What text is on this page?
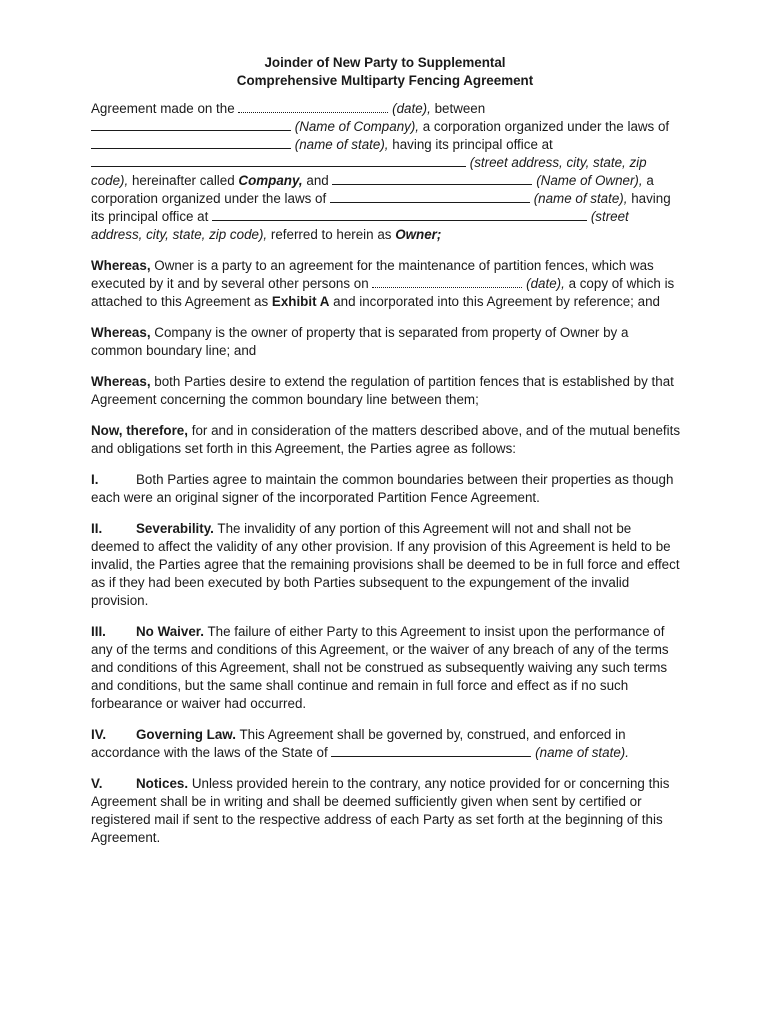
Joinder of New Party to Supplemental
Comprehensive Multiparty Fencing Agreement

Agreement made on the	(date), between  (Name of Company), a corporation organized under the laws of  (name of state), having its principal office at  (street address, city, state, zip code), hereinafter called Company, and	(Name of Owner), a corporation organized under the laws of	(name of state), having its principal office at	(street address, city, state, zip code), referred to herein as Owner;

Whereas, Owner is a party to an agreement for the maintenance of partition fences, which was executed by it and by several other persons on	(date), a copy of which is attached to this Agreement as Exhibit A and incorporated into this Agreement by reference; and

Whereas, Company is the owner of property that is separated from property of Owner by a common boundary line; and

Whereas, both Parties desire to extend the regulation of partition fences that is established by that Agreement concerning the common boundary line between them;

Now, therefore, for and in consideration of the matters described above, and of the mutual benefits and obligations set forth in this Agreement, the Parties agree as follows:

I.	Both Parties agree to maintain the common boundaries between their properties as though each were an original signer of the incorporated Partition Fence Agreement.

II.	Severability. The invalidity of any portion of this Agreement will not and shall not be deemed to affect the validity of any other provision. If any provision of this Agreement is held to be invalid, the Parties agree that the remaining provisions shall be deemed to be in full force and effect as if they had been executed by both Parties subsequent to the expungement of the invalid provision.

III. No Waiver. The failure of either Party to this Agreement to insist upon the performance of any of the terms and conditions of this Agreement, or the waiver of any breach of any of the terms and conditions of this Agreement, shall not be construed as subsequently waiving any such terms and conditions, but the same shall continue and remain in full force and effect as if no such forbearance or waiver had occurred.

IV. Governing Law. This Agreement shall be governed by, construed, and enforced in accordance with the laws of the State of	(name of state).

V.	Notices. Unless provided herein to the contrary, any notice provided for or concerning this Agreement shall be in writing and shall be deemed sufficiently given when sent by certified or registered mail if sent to the respective address of each Party as set forth at the beginning of this Agreement.
